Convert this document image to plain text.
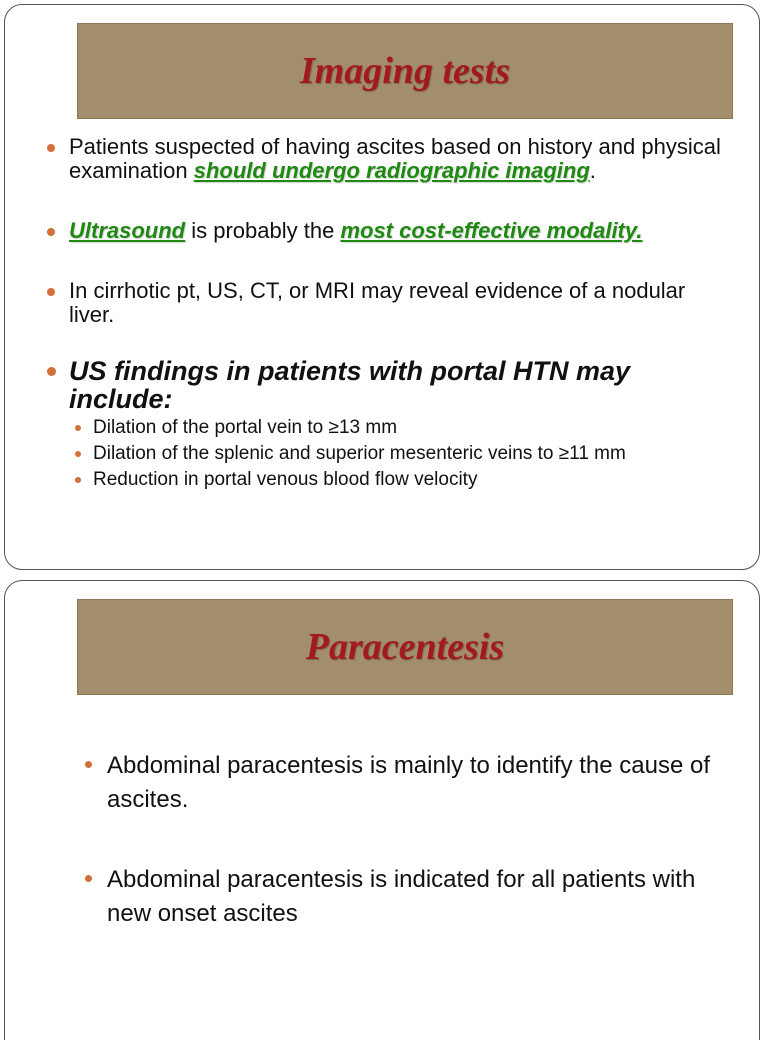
Imaging tests
Patients suspected of having ascites based on history and physical examination should undergo radiographic imaging.
Ultrasound is probably the most cost-effective modality.
In cirrhotic pt, US, CT, or MRI may reveal evidence of a nodular liver.
US findings in patients with portal HTN may include:
Dilation of the portal vein to ≥13 mm
Dilation of the splenic and superior mesenteric veins to ≥11 mm
Reduction in portal venous blood flow velocity
Paracentesis
Abdominal paracentesis is mainly to identify the cause of ascites.
Abdominal paracentesis is indicated for all patients with new onset ascites
